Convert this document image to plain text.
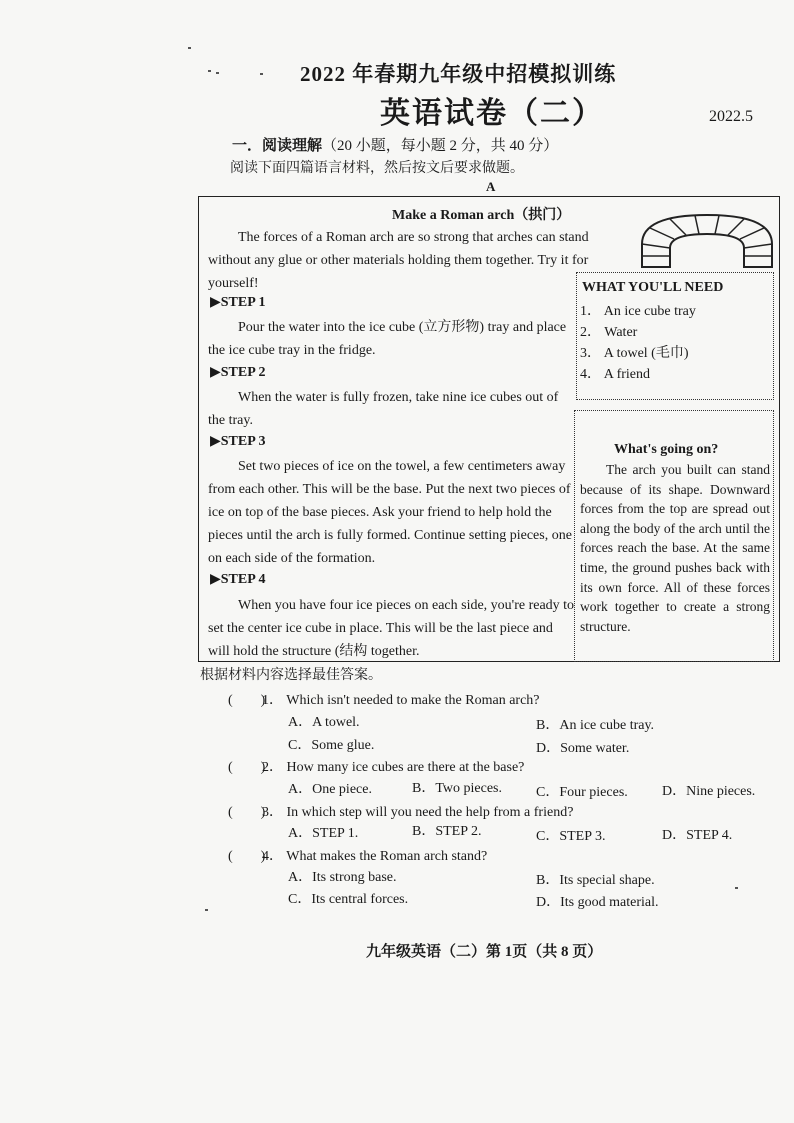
2022 年春期九年级中招模拟训练
英语试卷（二）	2022.5
一．阅读理解（20 小题，每小题 2 分，共 40 分）
阅读下面四篇语言材料，然后按文后要求做题。
A
Make a Roman arch（拱门）
The forces of a Roman arch are so strong that arches can stand without any glue or other materials holding them together. Try it for yourself!
▶STEP 1
Pour the water into the ice cube (立方形物) tray and place the ice cube tray in the fridge.
▶STEP 2
When the water is fully frozen, take nine ice cubes out of the tray.
▶STEP 3
Set two pieces of ice on the towel, a few centimeters away from each other. This will be the base. Put the next two pieces of ice on top of the base pieces. Ask your friend to help hold the pieces until the arch is fully formed. Continue setting pieces, one on each side of the formation.
▶STEP 4
When you have four ice pieces on each side, you're ready to set the center ice cube in place. This will be the last piece and will hold the structure (结构 together.
WHAT YOU'LL NEED
1． An ice cube tray
2． Water
3． A towel (毛巾)
4． A friend
What's going on?
The arch you built can stand because of its shape. Downward forces from the top are spread out along the body of the arch until the forces reach the base. At the same time, the ground pushes back with its own force. All of these forces work together to create a strong structure.
根据材料内容选择最佳答案。
(　　)
1． Which isn't needed to make the Roman arch?
A．A towel.	B．An ice cube tray.
C．Some glue.	D．Some water.
(　　)
2． How many ice cubes are there at the base?
A．One piece.	B．Two pieces. C．Four pieces. D．Nine pieces.
(　　)
3． In which step will you need the help from a friend?
A．STEP 1.	B．STEP 2.	C．STEP 3.	D．STEP 4.
(　　)
4． What makes the Roman arch stand?
A．Its strong base.	B．Its special shape.
C．Its central forces.	D．Its good material.
九年级英语（二）第 1页（共 8 页）
